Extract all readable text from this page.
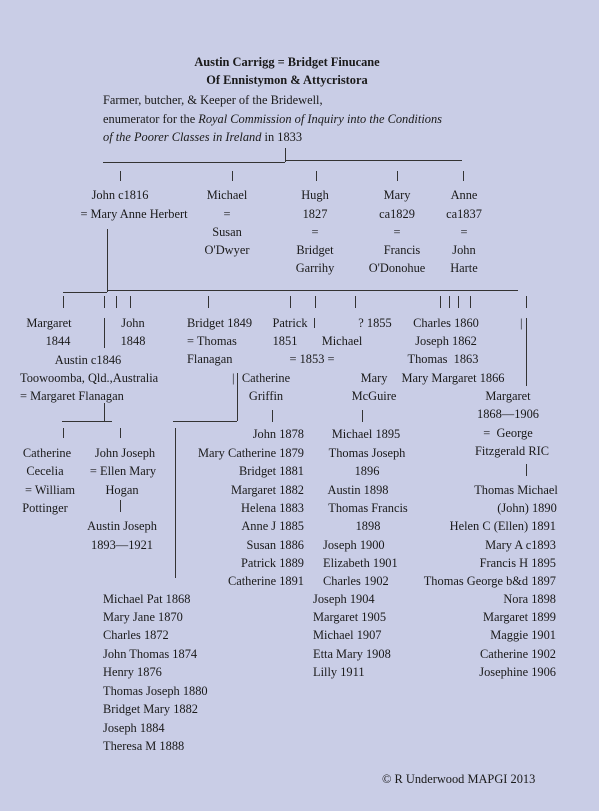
Austin Carrigg = Bridget Finucane
Of Ennistymon & Attycristora
Farmer, butcher, & Keeper of the Bridewell,
enumerator for the Royal Commission of Inquiry into the Conditions
of the Poorer Classes in Ireland in 1833
John c1816
= Mary Anne Herbert
Michael
=
Susan
O'Dwyer
Hugh
1827
=
Bridget
Garrihy
Mary
ca1829
=
Francis
O'Donohue
Anne
ca1837
=
John
Harte
Margaret
1844
John
1848
Austin c1846
Toowoomba, Qld.,Australia
= Margaret Flanagan
Bridget 1849
= Thomas
Flanagan
Patrick
1851 Michael
= 1853 =
Catherine
Griffin
Mary
McGuire
? 1855 Charles 1860
Joseph 1862
Thomas  1863
Mary Margaret 1866
Margaret
1868—1906
=  George
Fitzgerald RIC
|
|
Catherine
Cecelia
= William
Pottinger
John Joseph
= Ellen Mary
Hogan
Austin Joseph
1893—1921
Michael Pat 1868
Mary Jane 1870
Charles 1872
John Thomas 1874
Henry 1876
Thomas Joseph 1880
Bridget Mary 1882
Joseph 1884
Theresa M 1888
John 1878
Mary Catherine 1879
Bridget 1881
Margaret 1882
Helena 1883
Anne J 1885
Susan 1886
Patrick 1889
Catherine 1891
Michael 1895
Thomas Joseph
1896
Austin 1898
Thomas Francis
1898
Joseph 1900
Elizabeth 1901
Charles 1902
Joseph 1904
Margaret 1905
Michael 1907
Etta Mary 1908
Lilly 1911
Thomas Michael
(John) 1890
Helen C (Ellen) 1891
Mary A c1893
Francis H 1895
Thomas George b&d 1897
Nora 1898
Margaret 1899
Maggie 1901
Catherine 1902
Josephine 1906
© R Underwood MAPGI 2013
